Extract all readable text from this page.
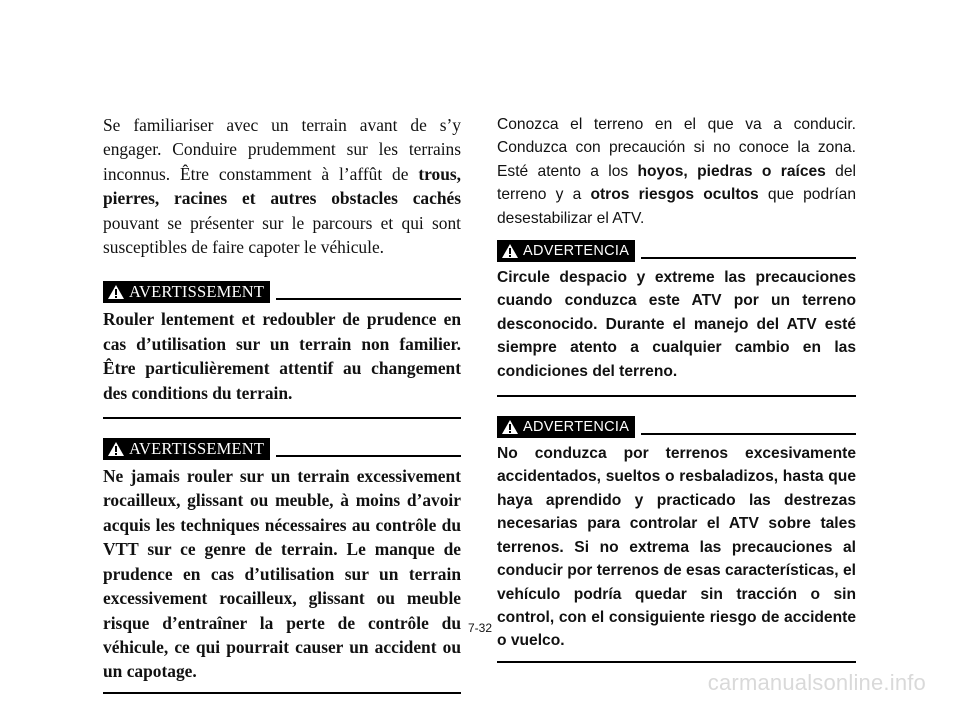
Se familiariser avec un terrain avant de s’y engager. Conduire prudemment sur les terrains inconnus. Être constamment à l’affût de trous, pierres, racines et autres obstacles cachés pouvant se présenter sur le parcours et qui sont susceptibles de faire capoter le véhicule.

AVERTISSEMENT

Rouler lentement et redoubler de prudence en cas d’utilisation sur un terrain non familier. Être particulièrement attentif au changement des conditions du terrain.

AVERTISSEMENT

Ne jamais rouler sur un terrain excessivement rocailleux, glissant ou meuble, à moins d’avoir acquis les techniques nécessaires au contrôle du VTT sur ce genre de terrain. Le manque de prudence en cas d’utilisation sur un terrain excessivement rocailleux, glissant ou meuble risque d’entraîner la perte de contrôle du véhicule, ce qui pourrait causer un accident ou un capotage.

Conozca el terreno en el que va a conducir. Conduzca con precaución si no conoce la zona. Esté atento a los hoyos, piedras o raíces del terreno y a otros riesgos ocultos que podrían desestabilizar el ATV.

ADVERTENCIA

Circule despacio y extreme las precauciones cuando conduzca este ATV por un terreno desconocido. Durante el manejo del ATV esté siempre atento a cualquier cambio en las condiciones del terreno.

ADVERTENCIA

No conduzca por terrenos excesivamente accidentados, sueltos o resbaladizos, hasta que haya aprendido y practicado las destrezas necesarias para controlar el ATV sobre tales terrenos. Si no extrema las precauciones al conducir por terrenos de esas características, el vehículo podría quedar sin tracción o sin control, con el consiguiente riesgo de accidente o vuelco.

7-32
carmanualsonline.info
